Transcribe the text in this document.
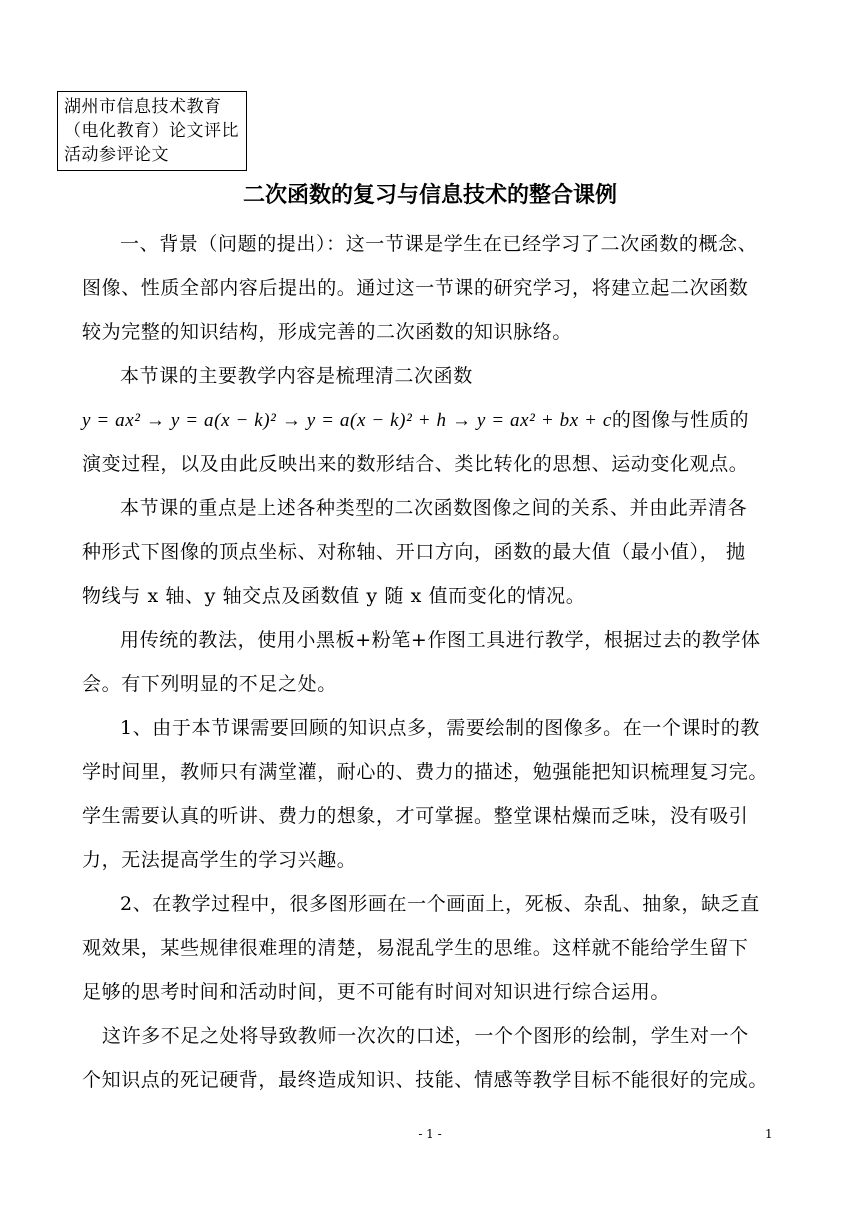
湖州市信息技术教育
（电化教育）论文评比
活动参评论文
二次函数的复习与信息技术的整合课例
一、背景（问题的提出）：这一节课是学生在已经学习了二次函数的概念、
图像、性质全部内容后提出的。通过这一节课的研究学习，将建立起二次函数
较为完整的知识结构，形成完善的二次函数的知识脉络。
本节课的主要教学内容是梳理清二次函数
y = ax² → y = a(x − k)² → y = a(x − k)² + h → y = ax² + bx + c的图像与性质的
演变过程，以及由此反映出来的数形结合、类比转化的思想、运动变化观点。
本节课的重点是上述各种类型的二次函数图像之间的关系、并由此弄清各
种形式下图像的顶点坐标、对称轴、开口方向，函数的最大值（最小值）， 抛
物线与 x 轴、y 轴交点及函数值 y 随 x 值而变化的情况。
用传统的教法，使用小黑板+粉笔+作图工具进行教学，根据过去的教学体
会。有下列明显的不足之处。
1、由于本节课需要回顾的知识点多，需要绘制的图像多。在一个课时的教
学时间里，教师只有满堂灌，耐心的、费力的描述，勉强能把知识梳理复习完。
学生需要认真的听讲、费力的想象，才可掌握。整堂课枯燥而乏味，没有吸引
力，无法提高学生的学习兴趣。
2、在教学过程中，很多图形画在一个画面上，死板、杂乱、抽象，缺乏直
观效果，某些规律很难理的清楚，易混乱学生的思维。这样就不能给学生留下
足够的思考时间和活动时间，更不可能有时间对知识进行综合运用。
这许多不足之处将导致教师一次次的口述，一个个图形的绘制，学生对一个
个知识点的死记硬背，最终造成知识、技能、情感等教学目标不能很好的完成。
- 1 -	1
